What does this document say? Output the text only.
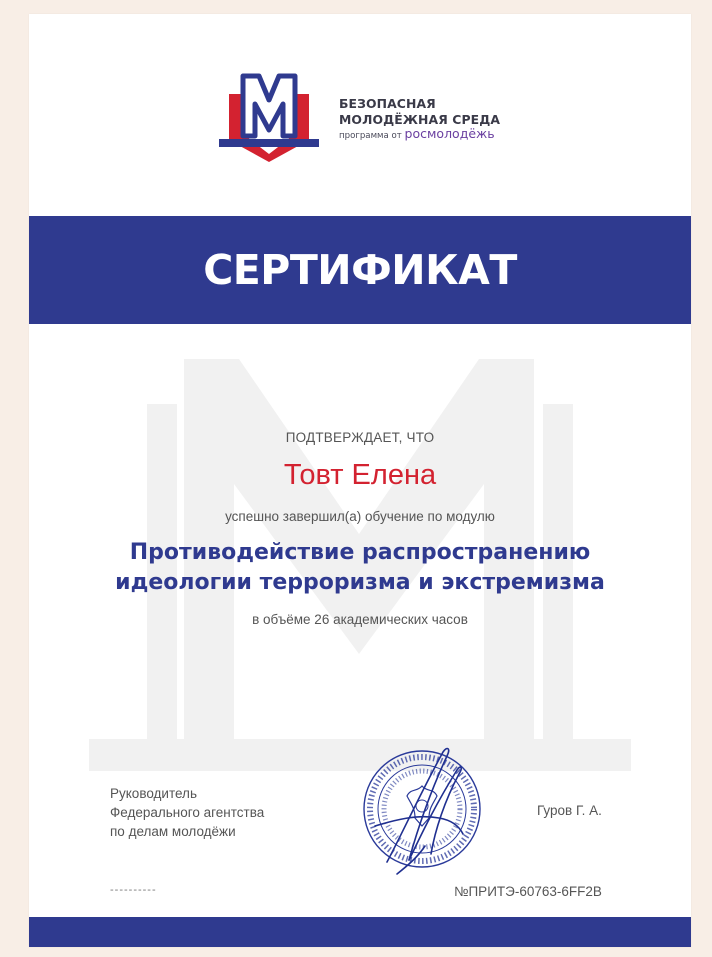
БЕЗОПАСНАЯ
МОЛОДЁЖНАЯ СРЕДА
программа от росмолодёжь
СЕРТИФИКАТ
ПОДТВЕРЖДАЕТ, ЧТО
Товт Елена
успешно завершил(а) обучение по модулю
Противодействие распространению
идеологии терроризма и экстремизма
в объёме 26 академических часов
Руководитель
Федерального агентства
по делам молодёжи
Гуров Г. А.
----------	№ПРИТЭ-60763-6FF2B
